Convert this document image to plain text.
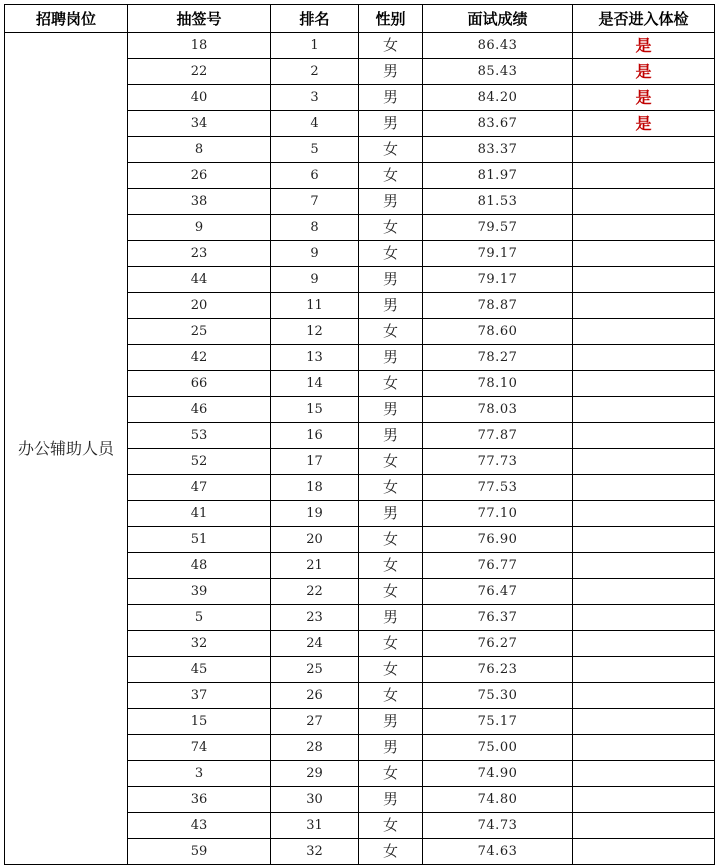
招聘岗位	抽签号	排名	性别	面试成绩	是否进入体检
办公辅助人员	18	1	女	86.43	是
	22	2	男	85.43	是
	40	3	男	84.20	是
	34	4	男	83.67	是
	8	5	女	83.37	
	26	6	女	81.97	
	38	7	男	81.53	
	9	8	女	79.57	
	23	9	女	79.17	
	44	9	男	79.17	
	20	11	男	78.87	
	25	12	女	78.60	
	42	13	男	78.27	
	66	14	女	78.10	
	46	15	男	78.03	
	53	16	男	77.87	
	52	17	女	77.73	
	47	18	女	77.53	
	41	19	男	77.10	
	51	20	女	76.90	
	48	21	女	76.77	
	39	22	女	76.47	
	5	23	男	76.37	
	32	24	女	76.27	
	45	25	女	76.23	
	37	26	女	75.30	
	15	27	男	75.17	
	74	28	男	75.00	
	3	29	女	74.90	
	36	30	男	74.80	
	43	31	女	74.73	
	59	32	女	74.63	
